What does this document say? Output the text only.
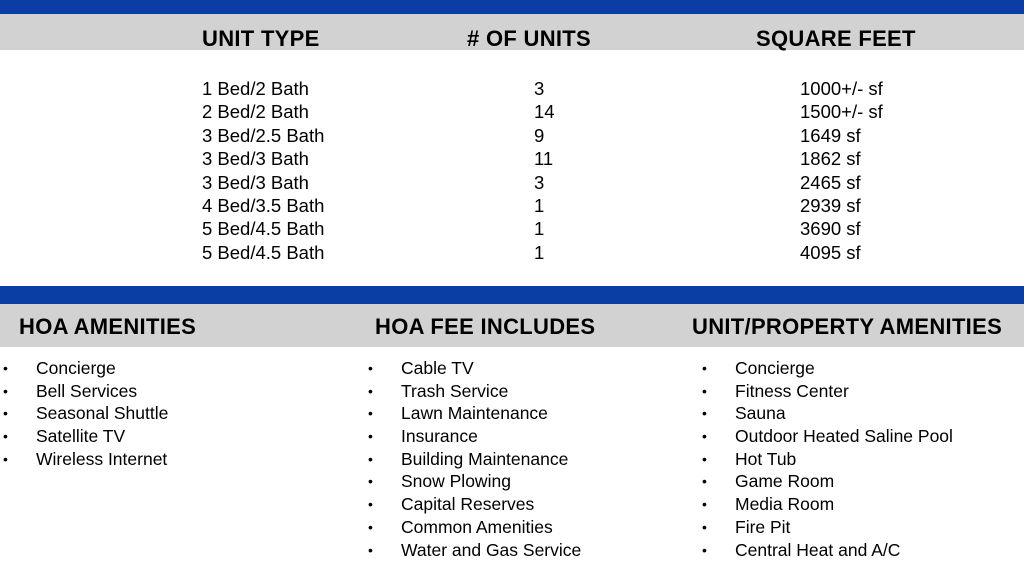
UNIT TYPE	# OF UNITS	SQUARE FEET
1 Bed/2 Bath	3	1000+/- sf
2 Bed/2 Bath	14	1500+/- sf
3 Bed/2.5 Bath	9	1649 sf
3 Bed/3 Bath	11	1862 sf
3 Bed/3 Bath	3	2465 sf
4 Bed/3.5 Bath	1	2939 sf
5 Bed/4.5 Bath	1	3690 sf
5 Bed/4.5 Bath	1	4095 sf
HOA AMENITIES	HOA FEE INCLUDES	UNIT/PROPERTY AMENITIES
• Concierge
• Bell Services
• Seasonal Shuttle
• Satellite TV
• Wireless Internet
• Cable TV
• Trash Service
• Lawn Maintenance
• Insurance
• Building Maintenance
• Snow Plowing
• Capital Reserves
• Common Amenities
• Water and Gas Service
• Concierge
• Fitness Center
• Sauna
• Outdoor Heated Saline Pool
• Hot Tub
• Game Room
• Media Room
• Fire Pit
• Central Heat and A/C
